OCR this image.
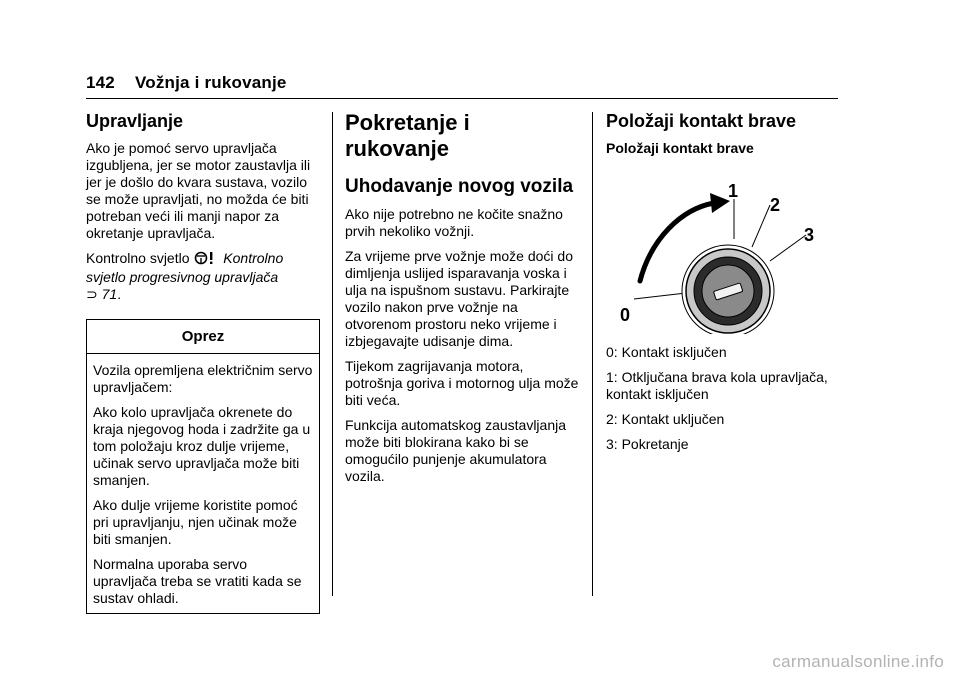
142 Vožnja i rukovanje
Upravljanje

Ako je pomoć servo upravljača izgubljena, jer se motor zaustavlja ili jer je došlo do kvara sustava, vozilo se može upravljati, no možda će biti potreban veći ili manji napor za okretanje upravljača.

Kontrolno svjetlo Kontrolno svjetlo progresivnog upravljača
⊃ 71.

Oprez

Vozila opremljena električnim servo upravljačem:

Ako kolo upravljača okrenete do kraja njegovog hoda i zadržite ga u tom položaju kroz dulje vrijeme, učinak servo upravljača može biti smanjen.

Ako dulje vrijeme koristite pomoć pri upravljanju, njen učinak može biti smanjen.

Normalna uporaba servo upravljača treba se vratiti kada se sustav ohladi.

Pokretanje i rukovanje
Uhodavanje novog vozila

Ako nije potrebno ne kočite snažno prvih nekoliko vožnji.

Za vrijeme prve vožnje može doći do dimljenja uslijed isparavanja voska i ulja na ispušnom sustavu. Parkirajte vozilo nakon prve vožnje na otvorenom prostoru neko vrijeme i izbjegavajte udisanje dima.

Tijekom zagrijavanja motora, potrošnja goriva i motornog ulja može biti veća.

Funkcija automatskog zaustavljanja može biti blokirana kako bi se omogućilo punjenje akumulatora vozila.

Položaji kontakt brave
Položaji kontakt brave
0
1
2
3

0: Kontakt isključen

1: Otključana brava kola upravljača, kontakt isključen

2: Kontakt uključen

3: Pokretanje

carmanualsonline.info
